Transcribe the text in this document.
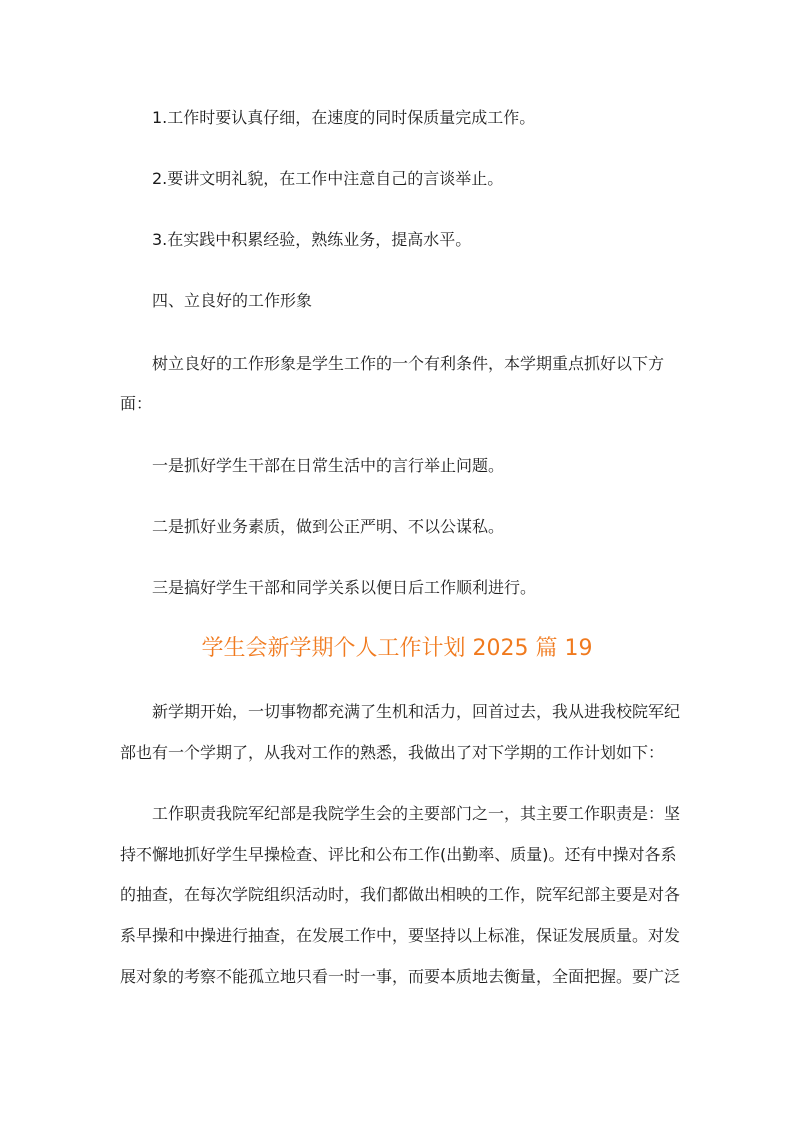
1.工作时要认真仔细，在速度的同时保质量完成工作。
2.要讲文明礼貌，在工作中注意自己的言谈举止。
3.在实践中积累经验，熟练业务，提高水平。
四、立良好的工作形象
树立良好的工作形象是学生工作的一个有利条件，本学期重点抓好以下方
面：
一是抓好学生干部在日常生活中的言行举止问题。
二是抓好业务素质，做到公正严明、不以公谋私。
三是搞好学生干部和同学关系以便日后工作顺利进行。
学生会新学期个人工作计划 2025 篇 19
新学期开始，一切事物都充满了生机和活力，回首过去，我从进我校院军纪
部也有一个学期了，从我对工作的熟悉，我做出了对下学期的工作计划如下：
工作职责我院军纪部是我院学生会的主要部门之一，其主要工作职责是：坚
持不懈地抓好学生早操检查、评比和公布工作(出勤率、质量)。还有中操对各系
的抽查，在每次学院组织活动时，我们都做出相映的工作，院军纪部主要是对各
系早操和中操进行抽查，在发展工作中，要坚持以上标准，保证发展质量。对发
展对象的考察不能孤立地只看一时一事，而要本质地去衡量，全面把握。要广泛
